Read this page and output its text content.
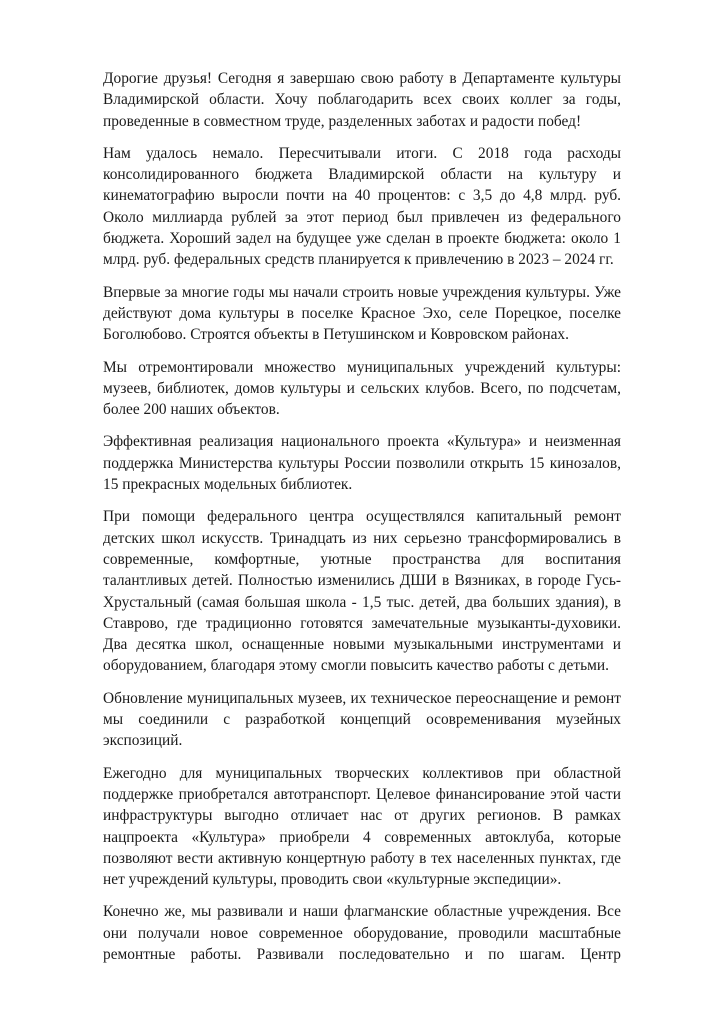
Дорогие друзья! Сегодня я завершаю свою работу в Департаменте культуры Владимирской области. Хочу поблагодарить всех своих коллег за годы, проведенные в совместном труде, разделенных заботах и радости побед!

Нам удалось немало. Пересчитывали итоги. С 2018 года расходы консолидированного бюджета Владимирской области на культуру и кинематографию выросли почти на 40 процентов: с 3,5 до 4,8 млрд. руб. Около миллиарда рублей за этот период был привлечен из федерального бюджета. Хороший задел на будущее уже сделан в проекте бюджета: около 1 млрд. руб. федеральных средств планируется к привлечению в 2023 – 2024 гг.

Впервые за многие годы мы начали строить новые учреждения культуры. Уже действуют дома культуры в поселке Красное Эхо, селе Порецкое, поселке Боголюбово. Строятся объекты в Петушинском и Ковровском районах.

Мы отремонтировали множество муниципальных учреждений культуры: музеев, библиотек, домов культуры и сельских клубов. Всего, по подсчетам, более 200 наших объектов.

Эффективная реализация национального проекта «Культура» и неизменная поддержка Министерства культуры России позволили открыть 15 кинозалов, 15 прекрасных модельных библиотек.

При помощи федерального центра осуществлялся капитальный ремонт детских школ искусств. Тринадцать из них серьезно трансформировались в современные, комфортные, уютные пространства для воспитания талантливых детей. Полностью изменились ДШИ в Вязниках, в городе Гусь-Хрустальный (самая большая школа - 1,5 тыс. детей, два больших здания), в Ставрово, где традиционно готовятся замечательные музыканты-духовики. Два десятка школ, оснащенные новыми музыкальными инструментами и оборудованием, благодаря этому смогли повысить качество работы с детьми.

Обновление муниципальных музеев, их техническое переоснащение и ремонт мы соединили с разработкой концепций осовременивания музейных экспозиций.

Ежегодно для муниципальных творческих коллективов при областной поддержке приобретался автотранспорт. Целевое финансирование этой части инфраструктуры выгодно отличает нас от других регионов. В рамках нацпроекта «Культура» приобрели 4 современных автоклуба, которые позволяют вести активную концертную работу в тех населенных пунктах, где нет учреждений культуры, проводить свои «культурные экспедиции».

Конечно же, мы развивали и наши флагманские областные учреждения. Все они получали новое современное оборудование, проводили масштабные ремонтные работы. Развивали последовательно и по шагам. Центр
